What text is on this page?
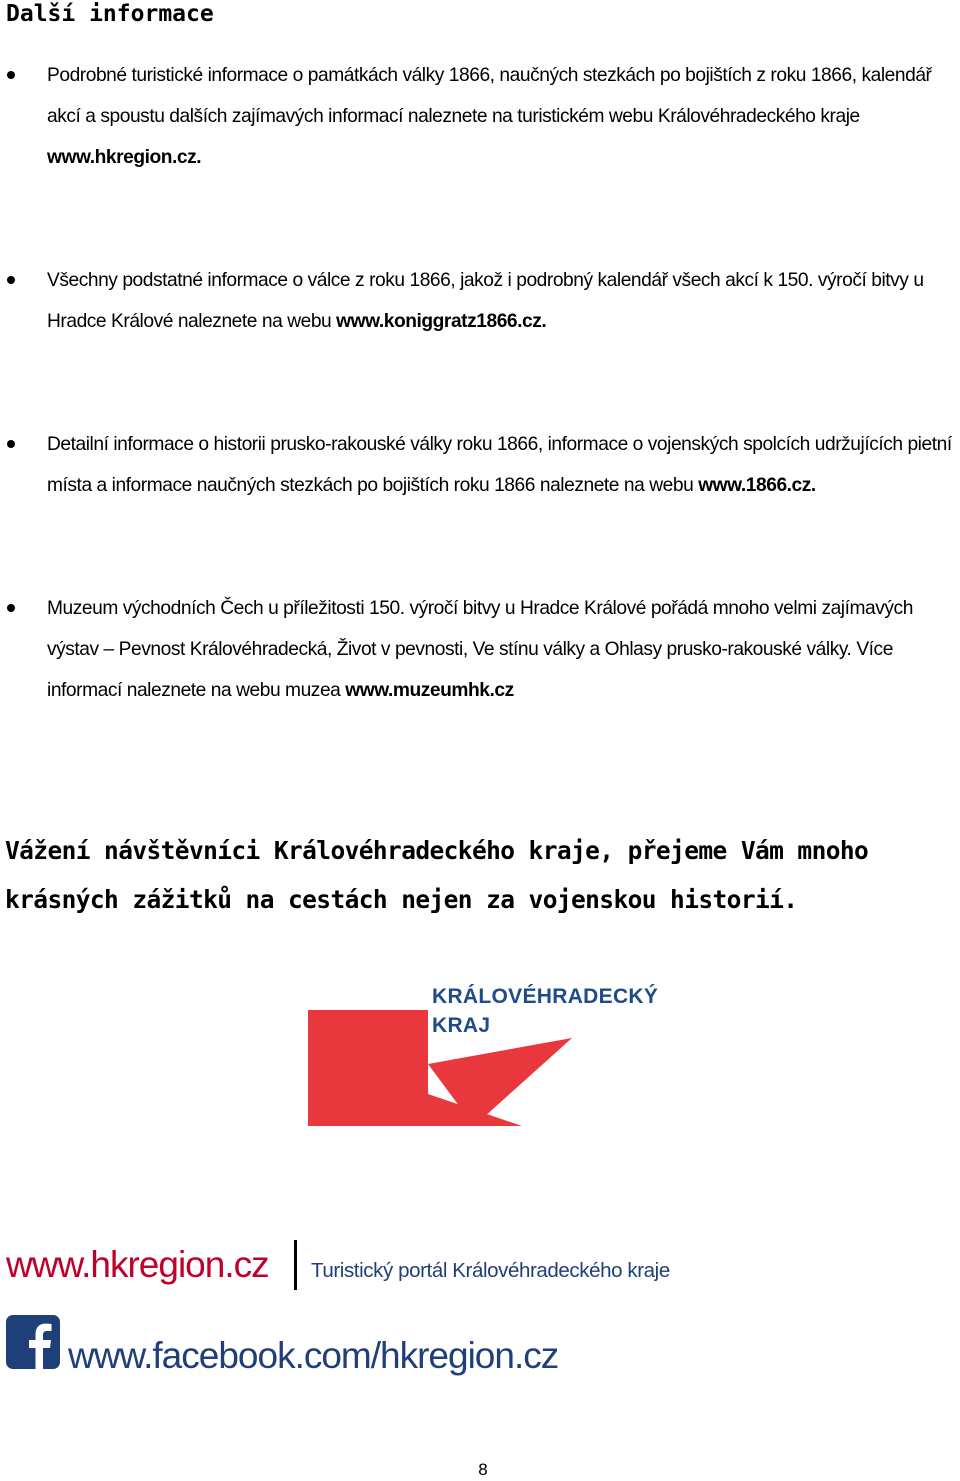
Další informace
Podrobné turistické informace o památkách války 1866, naučných stezkách po bojištích z roku 1866, kalendář akcí a spoustu dalších zajímavých informací naleznete na turistickém webu Královéhradeckého kraje www.hkregion.cz.
Všechny podstatné informace o válce z roku 1866, jakož i podrobný kalendář všech akcí k 150. výročí bitvy u Hradce Králové naleznete na webu www.koniggratz1866.cz.
Detailní informace o historii prusko-rakouské války roku 1866, informace o vojenských spolcích udržujících pietní místa a informace naučných stezkách po bojištích roku 1866 naleznete na webu www.1866.cz.
Muzeum východních Čech u příležitosti 150. výročí bitvy u Hradce Králové pořádá mnoho velmi zajímavých výstav – Pevnost Královéhradecká, Život v pevnosti, Ve stínu války a Ohlasy prusko-rakouské války. Více informací naleznete na webu muzea www.muzeumhk.cz

Vážení návštěvníci Královéhradeckého kraje, přejeme Vám mnoho krásných zážitků na cestách nejen za vojenskou historií.

KRÁLOVÉHRADECKÝ
KRAJ
www.hkregion.cz Turistický portál Královéhradeckého kraje
www.facebook.com/hkregion.cz
8
